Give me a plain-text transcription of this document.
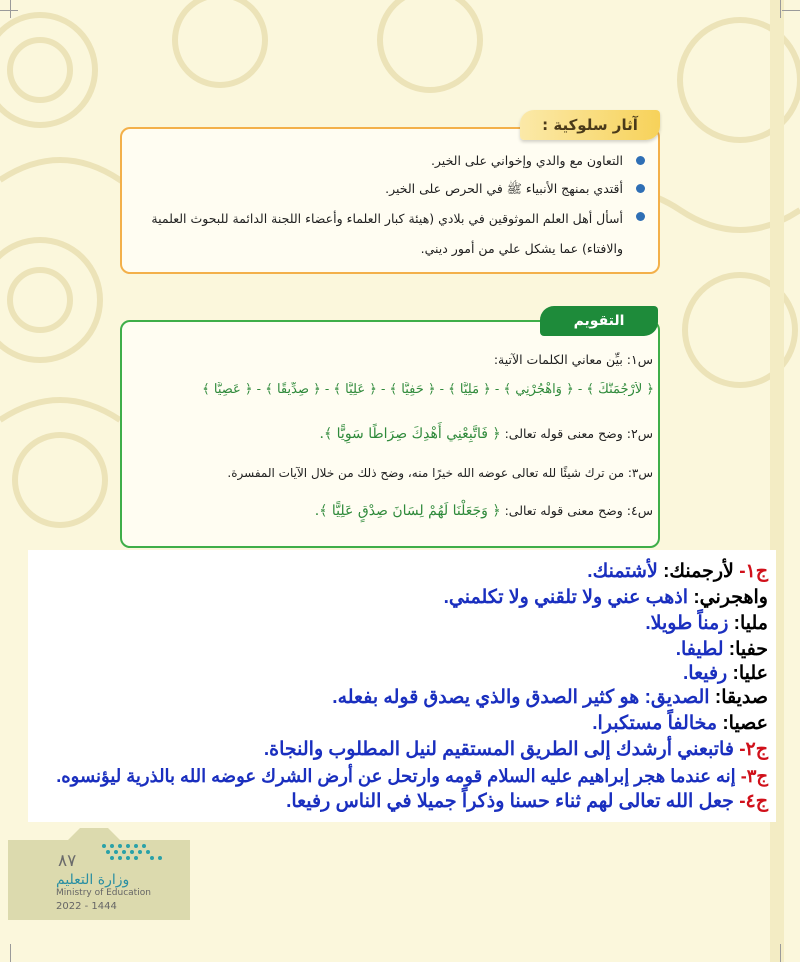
آثار سلوكية :
التعاون مع والدي وإخواني على الخير.
أقتدي بمنهج الأنبياء ﷺ في الحرص على الخير.
أسأل أهل العلم الموثوقين في بلادي (هيئة كبار العلماء وأعضاء اللجنة الدائمة للبحوث العلمية والافتاء) عما يشكل علي من أمور ديني.
التقويم
س١: بيِّن معاني الكلمات الآتية:
﴿ لَأَرْجُمَنَّكَ ﴾ - ﴿ وَاهْجُرْنِي ﴾ - ﴿ مَلِيًّا ﴾ - ﴿ حَفِيًّا ﴾ - ﴿ عَلِيًّا ﴾ - ﴿ صِدِّيقًا ﴾ - ﴿ عَصِيًّا ﴾
س٢: وضح معنى قوله تعالى: ﴿ فَاتَّبِعْنِي أَهْدِكَ صِرَاطًا سَوِيًّا ﴾.
س٣: من ترك شيئًا لله تعالى عوضه الله خيرًا منه، وضح ذلك من خلال الآيات المفسرة.
س٤: وضح معنى قوله تعالى: ﴿ وَجَعَلْنَا لَهُمْ لِسَانَ صِدْقٍ عَلِيًّا ﴾.
ج١- لأرجمنك: لأشتمنك.
واهجرني: اذهب عني ولا تلقني ولا تكلمني.
مليا: زمناً طويلا.
حفيا: لطيفا.
عليا: رفيعا.
صديقا: الصديق: هو كثير الصدق والذي يصدق قوله بفعله.
عصيا: مخالفاً مستكبرا.
ج٢- فاتبعني أرشدك إلى الطريق المستقيم لنيل المطلوب والنجاة.
ج٣- إنه عندما هجر إبراهيم عليه السلام قومه وارتحل عن أرض الشرك عوضه الله بالذرية ليؤنسوه.
ج٤- جعل الله تعالى لهم ثناء حسنا وذكراً جميلا في الناس رفيعا.
٨٧
وزارة التعليم
Ministry of Education
2022 - 1444
